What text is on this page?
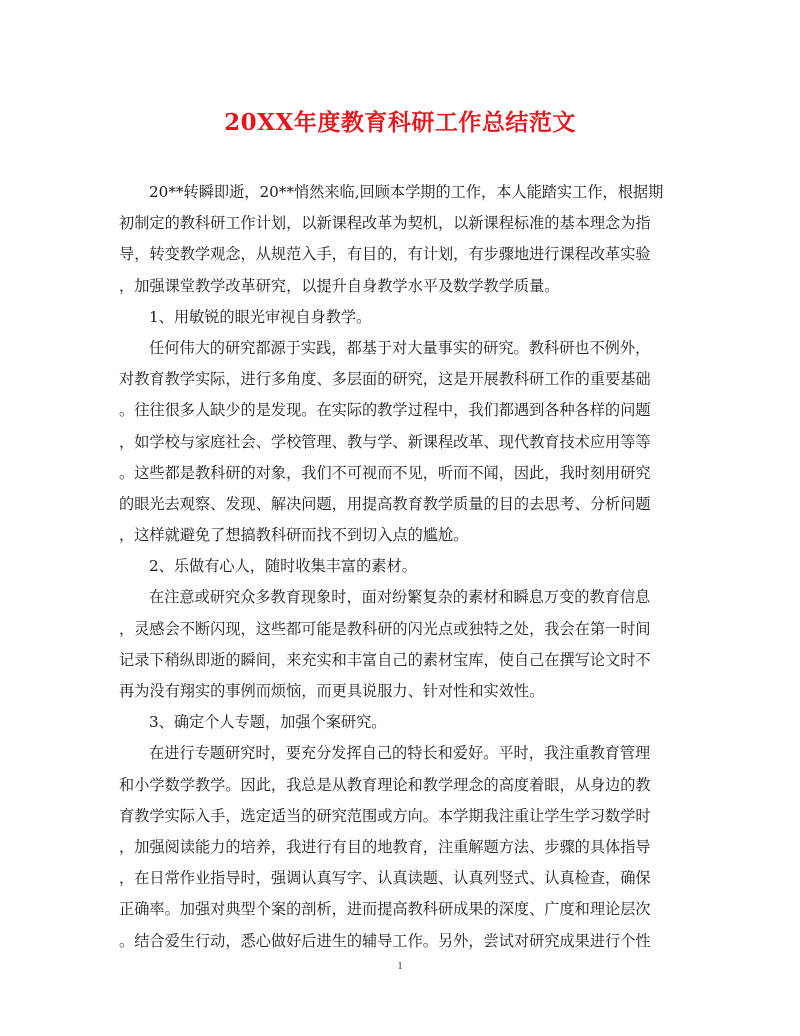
20XX年度教育科研工作总结范文
20**转瞬即逝，20**悄然来临,回顾本学期的工作，本人能踏实工作，根据期
初制定的教科研工作计划，以新课程改革为契机，以新课程标准的基本理念为指
导，转变教学观念，从规范入手，有目的，有计划，有步骤地进行课程改革实验
，加强课堂教学改革研究，以提升自身教学水平及数学教学质量。
1、用敏锐的眼光审视自身教学。
任何伟大的研究都源于实践，都基于对大量事实的研究。教科研也不例外，
对教育教学实际，进行多角度、多层面的研究，这是开展教科研工作的重要基础
。往往很多人缺少的是发现。在实际的教学过程中，我们都遇到各种各样的问题
，如学校与家庭社会、学校管理、教与学、新课程改革、现代教育技术应用等等
。这些都是教科研的对象，我们不可视而不见，听而不闻，因此，我时刻用研究
的眼光去观察、发现、解决问题，用提高教育教学质量的目的去思考、分析问题
，这样就避免了想搞教科研而找不到切入点的尴尬。
2、乐做有心人，随时收集丰富的素材。
在注意或研究众多教育现象时，面对纷繁复杂的素材和瞬息万变的教育信息
，灵感会不断闪现，这些都可能是教科研的闪光点或独特之处，我会在第一时间
记录下稍纵即逝的瞬间，来充实和丰富自己的素材宝库，使自己在撰写论文时不
再为没有翔实的事例而烦恼，而更具说服力、针对性和实效性。
3、确定个人专题，加强个案研究。
在进行专题研究时，要充分发挥自己的特长和爱好。平时，我注重教育管理
和小学数学教学。因此，我总是从教育理论和教学理念的高度着眼，从身边的教
育教学实际入手，选定适当的研究范围或方向。本学期我注重让学生学习数学时
，加强阅读能力的培养，我进行有目的地教育，注重解题方法、步骤的具体指导
，在日常作业指导时，强调认真写字、认真读题、认真列竖式、认真检查，确保
正确率。加强对典型个案的剖析，进而提高教科研成果的深度、广度和理论层次
。结合爱生行动，悉心做好后进生的辅导工作。另外，尝试对研究成果进行个性
1
